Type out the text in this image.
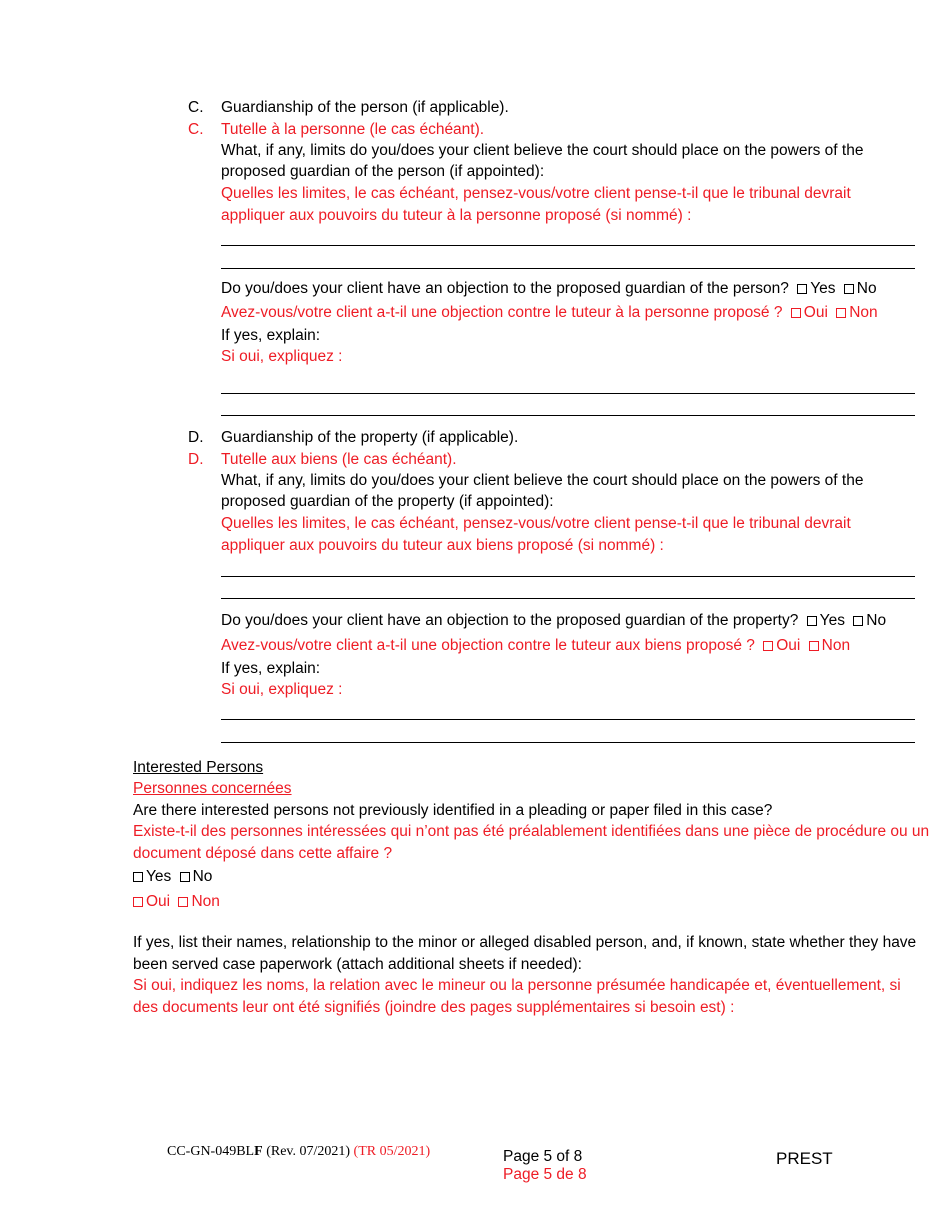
C. Guardianship of the person (if applicable).
C. Tutelle à la personne (le cas échéant).
What, if any, limits do you/does your client believe the court should place on the powers of the
proposed guardian of the person (if appointed):
Quelles les limites, le cas échéant, pensez-vous/votre client pense-t-il que le tribunal devrait
appliquer aux pouvoirs du tuteur à la personne proposé (si nommé) :
Do you/does your client have an objection to the proposed guardian of the person? Yes No
Avez-vous/votre client a-t-il une objection contre le tuteur à la personne proposé ? Oui Non
If yes, explain:
Si oui, expliquez :
D. Guardianship of the property (if applicable).
D. Tutelle aux biens (le cas échéant).
What, if any, limits do you/does your client believe the court should place on the powers of the
proposed guardian of the property (if appointed):
Quelles les limites, le cas échéant, pensez-vous/votre client pense-t-il que le tribunal devrait
appliquer aux pouvoirs du tuteur aux biens proposé (si nommé) :
Do you/does your client have an objection to the proposed guardian of the property? Yes No
Avez-vous/votre client a-t-il une objection contre le tuteur aux biens proposé ? Oui Non
If yes, explain:
Si oui, expliquez :
Interested Persons
Personnes concernées
Are there interested persons not previously identified in a pleading or paper filed in this case?
Existe-t-il des personnes intéressées qui n’ont pas été préalablement identifiées dans une pièce de procédure ou un
document déposé dans cette affaire ?
Yes No
Oui Non
If yes, list their names, relationship to the minor or alleged disabled person, and, if known, state whether they have
been served case paperwork (attach additional sheets if needed):
Si oui, indiquez les noms, la relation avec le mineur ou la personne présumée handicapée et, éventuellement, si
des documents leur ont été signifiés (joindre des pages supplémentaires si besoin est) :
CC-GN-049BLF (Rev. 07/2021) (TR 05/2021)	Page 5 of 8
Page 5 de 8
PREST
